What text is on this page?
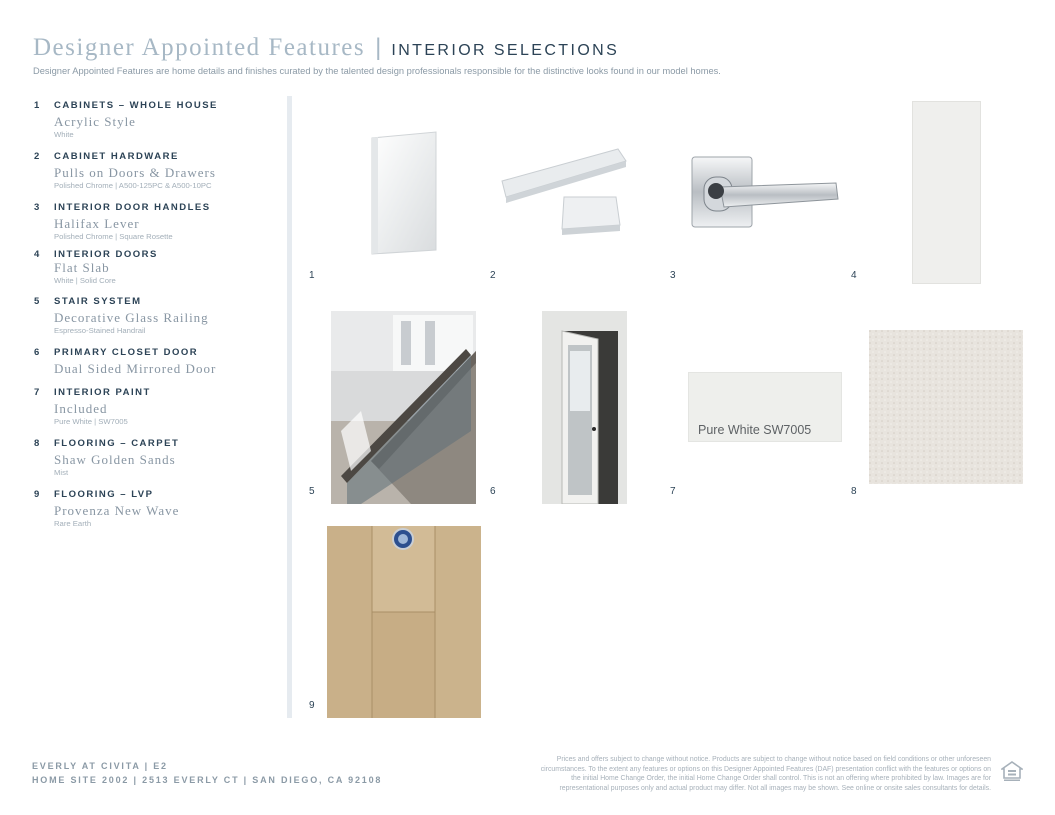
Designer Appointed Features | INTERIOR SELECTIONS
Designer Appointed Features are home details and finishes curated by the talented design professionals responsible for the distinctive looks found in our model homes.
1	CABINETS – WHOLE HOUSE
Acrylic Style
White
2	CABINET HARDWARE
Pulls on Doors & Drawers
Polished Chrome | A500-125PC & A500-10PC
3	INTERIOR DOOR HANDLES
Halifax Lever
Polished Chrome | Square Rosette
4	INTERIOR DOORS
Flat Slab
White | Solid Core
5	STAIR SYSTEM
Decorative Glass Railing
Espresso-Stained Handrail
6	PRIMARY CLOSET DOOR
Dual Sided Mirrored Door
7	INTERIOR PAINT
Included
Pure White | SW7005
8	FLOORING – CARPET
Shaw Golden Sands
Mist
9	FLOORING – LVP
Provenza New Wave
Rare Earth
1	2	3	4
5	6
Pure White SW7005
7	8
9
EVERLY AT CIVITA | E2
HOME SITE 2002 | 2513 EVERLY CT | SAN DIEGO, CA 92108
Prices and offers subject to change without notice. Products are subject to change without notice based on field conditions or other unforeseen circumstances. To the extent any features or options on this Designer Appointed Features (DAF) presentation conflict with the features or options on the initial Home Change Order, the initial Home Change Order shall control. This is not an offering where prohibited by law. Images are for representational purposes only and actual product may differ. Not all images may be shown. See online or onsite sales consultants for details.
